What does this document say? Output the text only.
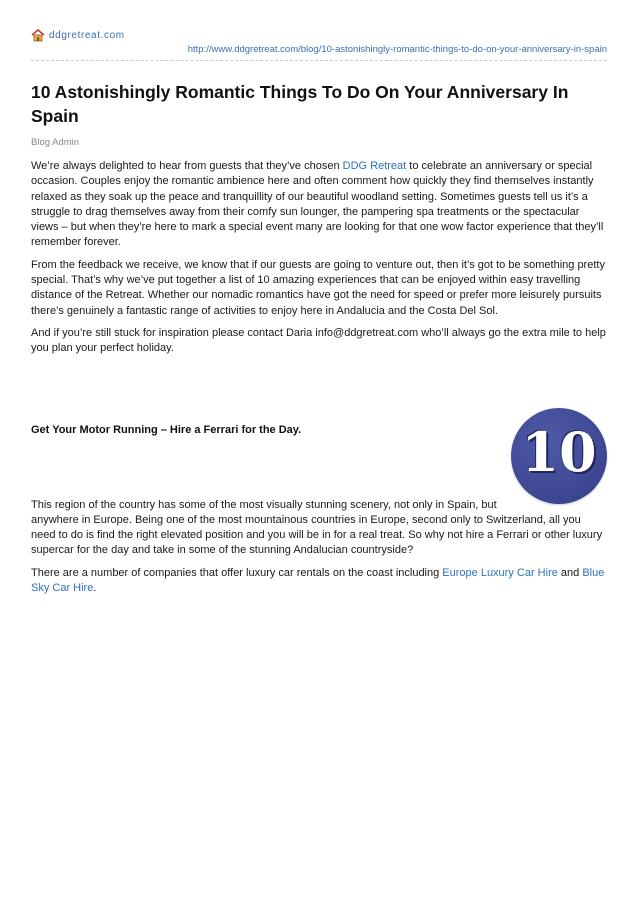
ddgretreat.com
http://www.ddgretreat.com/blog/10-astonishingly-romantic-things-to-do-on-your-anniversary-in-spain
10 Astonishingly Romantic Things To Do On Your Anniversary In Spain
Blog Admin

We’re always delighted to hear from guests that they’ve chosen DDG Retreat to celebrate an anniversary or special occasion. Couples enjoy the romantic ambience here and often comment how quickly they find themselves instantly relaxed as they soak up the peace and tranquillity of our beautiful woodland setting. Sometimes guests tell us it’s a struggle to drag themselves away from their comfy sun lounger, the pampering spa treatments or the spectacular views – but when they’re here to mark a special event many are looking for that one wow factor experience that they’ll remember forever.

From the feedback we receive, we know that if our guests are going to venture out, then it’s got to be something pretty special. That’s why we’ve put together a list of 10 amazing experiences that can be enjoyed within easy travelling distance of the Retreat. Whether our nomadic romantics have got the need for speed or prefer more leisurely pursuits there’s genuinely a fantastic range of activities to enjoy here in Andalucia and the Costa Del Sol.

And if you’re still stuck for inspiration please contact Daria info@ddgretreat.com who’ll always go the extra mile to help you plan your perfect holiday.

Get Your Motor Running – Hire a Ferrari for the Day.	10

This region of the country has some of the most visually stunning scenery, not only in Spain, but anywhere in Europe. Being one of the most mountainous countries in Europe, second only to Switzerland, all you need to do is find the right elevated position and you will be in for a real treat. So why not hire a Ferrari or other luxury supercar for the day and take in some of the stunning Andalucian countryside?

There are a number of companies that offer luxury car rentals on the coast including Europe Luxury Car Hire and Blue Sky Car Hire.
